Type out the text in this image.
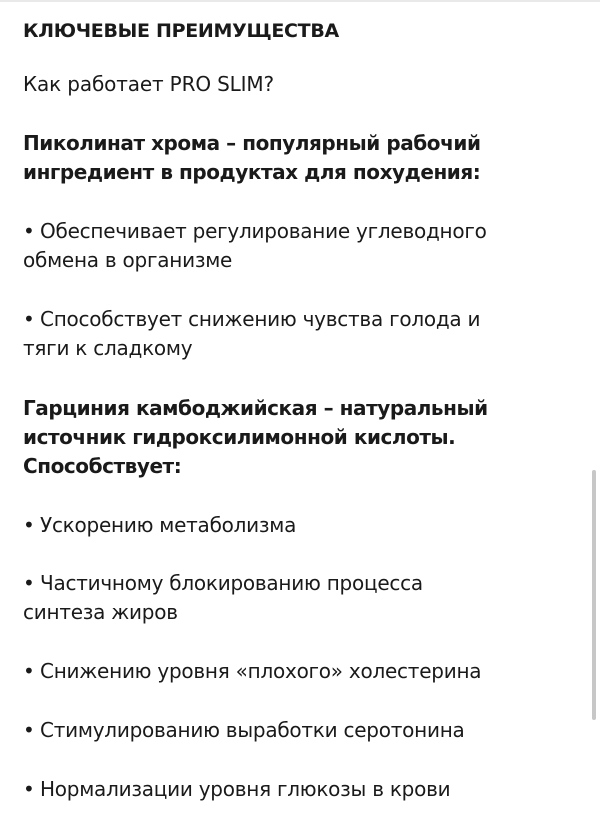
КЛЮЧЕВЫЕ ПРЕИМУЩЕСТВА
Как работает PRO SLIM?
Пиколинат хрома – популярный рабочий
ингредиент в продуктах для похудения:
• Обеспечивает регулирование углеводного
обмена в организме
• Способствует снижению чувства голода и
тяги к сладкому
Гарциния камбоджийская – натуральный
источник гидроксилимонной кислоты.
Способствует:
• Ускорению метаболизма
• Частичному блокированию процесса
синтеза жиров
• Снижению уровня «плохого» холестерина
• Стимулированию выработки серотонина
• Нормализации уровня глюкозы в крови
